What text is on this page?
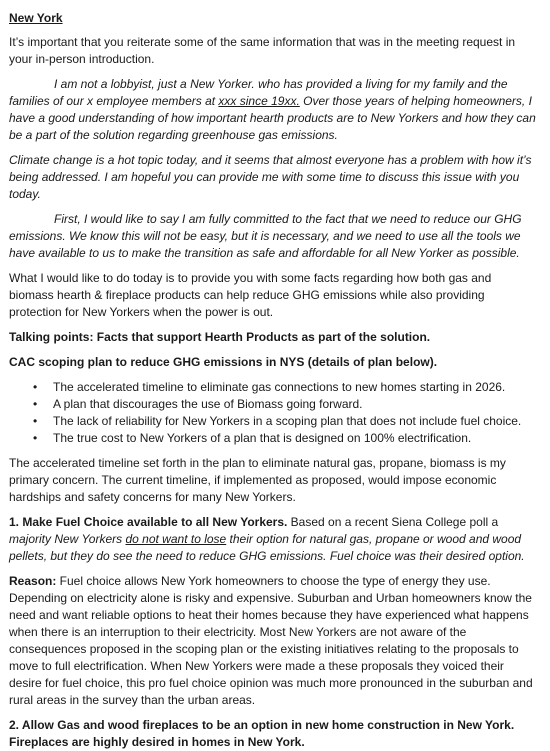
New York

It’s important that you reiterate some of the same information that was in the meeting request in your in-person introduction.

I am not a lobbyist, just a New Yorker. who has provided a living for my family and the families of our x employee members at xxx since 19xx. Over those years of helping homeowners, I have a good understanding of how important hearth products are to New Yorkers and how they can be a part of the solution regarding greenhouse gas emissions.

Climate change is a hot topic today, and it seems that almost everyone has a problem with how it’s being addressed. I am hopeful you can provide me with some time to discuss this issue with you today.

First, I would like to say I am fully committed to the fact that we need to reduce our GHG emissions. We know this will not be easy, but it is necessary, and we need to use all the tools we have available to us to make the transition as safe and affordable for all New Yorker as possible.

What I would like to do today is to provide you with some facts regarding how both gas and biomass hearth & fireplace products can help reduce GHG emissions while also providing protection for New Yorkers when the power is out.

Talking points: Facts that support Hearth Products as part of the solution.

CAC scoping plan to reduce GHG emissions in NYS (details of plan below).

• The accelerated timeline to eliminate gas connections to new homes starting in 2026.
• A plan that discourages the use of Biomass going forward.
• The lack of reliability for New Yorkers in a scoping plan that does not include fuel choice.
• The true cost to New Yorkers of a plan that is designed on 100% electrification.

The accelerated timeline set forth in the plan to eliminate natural gas, propane, biomass is my primary concern. The current timeline, if implemented as proposed, would impose economic hardships and safety concerns for many New Yorkers.

1. Make Fuel Choice available to all New Yorkers. Based on a recent Siena College poll a majority New Yorkers do not want to lose their option for natural gas, propane or wood and wood pellets, but they do see the need to reduce GHG emissions. Fuel choice was their desired option.

Reason: Fuel choice allows New York homeowners to choose the type of energy they use. Depending on electricity alone is risky and expensive. Suburban and Urban homeowners know the need and want reliable options to heat their homes because they have experienced what happens when there is an interruption to their electricity. Most New Yorkers are not aware of the consequences proposed in the scoping plan or the existing initiatives relating to the proposals to move to full electrification. When New Yorkers were made a these proposals they voiced their desire for fuel choice, this pro fuel choice opinion was much more pronounced in the suburban and rural areas in the survey than the urban areas.

2. Allow Gas and wood fireplaces to be an option in new home construction in New York. Fireplaces are highly desired in homes in New York.
